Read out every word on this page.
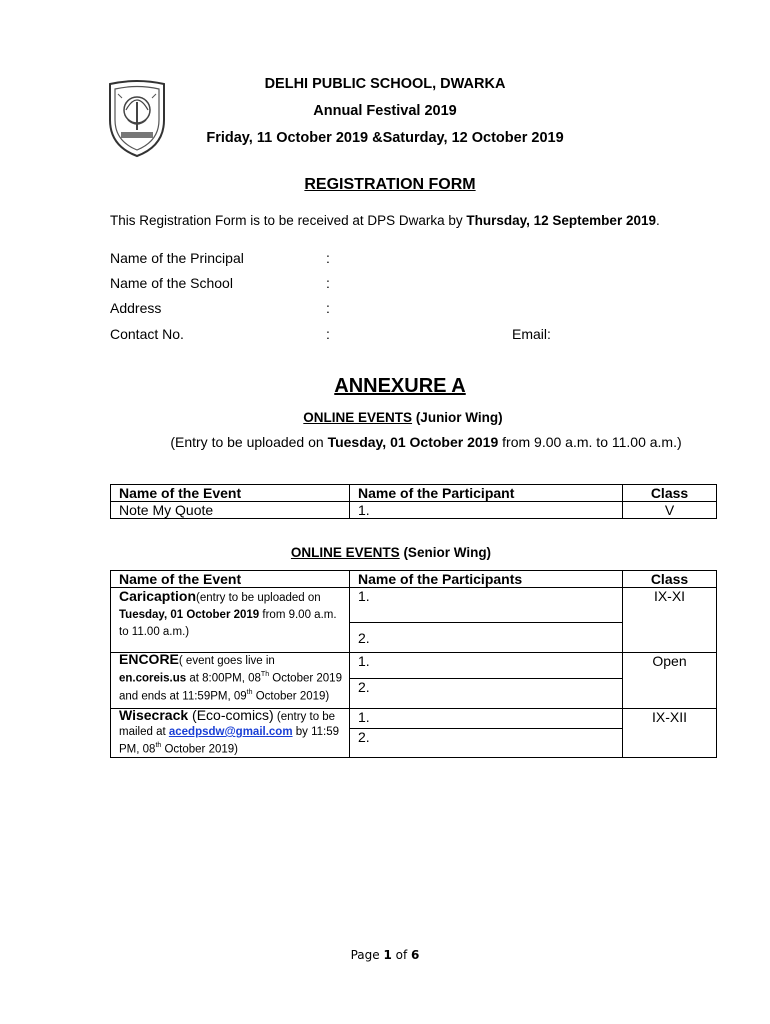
DELHI PUBLIC SCHOOL, DWARKA
Annual Festival 2019
Friday, 11 October 2019 &Saturday, 12 October 2019
REGISTRATION FORM
This Registration Form is to be received at DPS Dwarka by Thursday, 12 September 2019.
Name of the Principal	:
Name of the School	:
Address	:
Contact No.	:	Email:
ANNEXURE A
ONLINE EVENTS (Junior Wing)
(Entry to be uploaded on Tuesday, 01 October 2019 from 9.00 a.m. to 11.00 a.m.)
Name of the Event	Name of the Participant	Class
Note My Quote	1.	V
ONLINE EVENTS (Senior Wing)
Name of the Event	Name of the Participants	Class
Caricaption(entry to be uploaded on Tuesday, 01 October 2019 from 9.00 a.m. to 11.00 a.m.)	1.	IX-XI
	2.	
ENCORE( event goes live in
en.coreis.us at 8:00PM, 08Th October 2019 and ends at 11:59PM, 09th October 2019)	1.	Open
	2.	
Wisecrack (Eco-comics) (entry to be mailed at acedpsdw@gmail.com by 11:59 PM, 08th October 2019)	1.	IX-XII
	2.	
Page 1 of 6
